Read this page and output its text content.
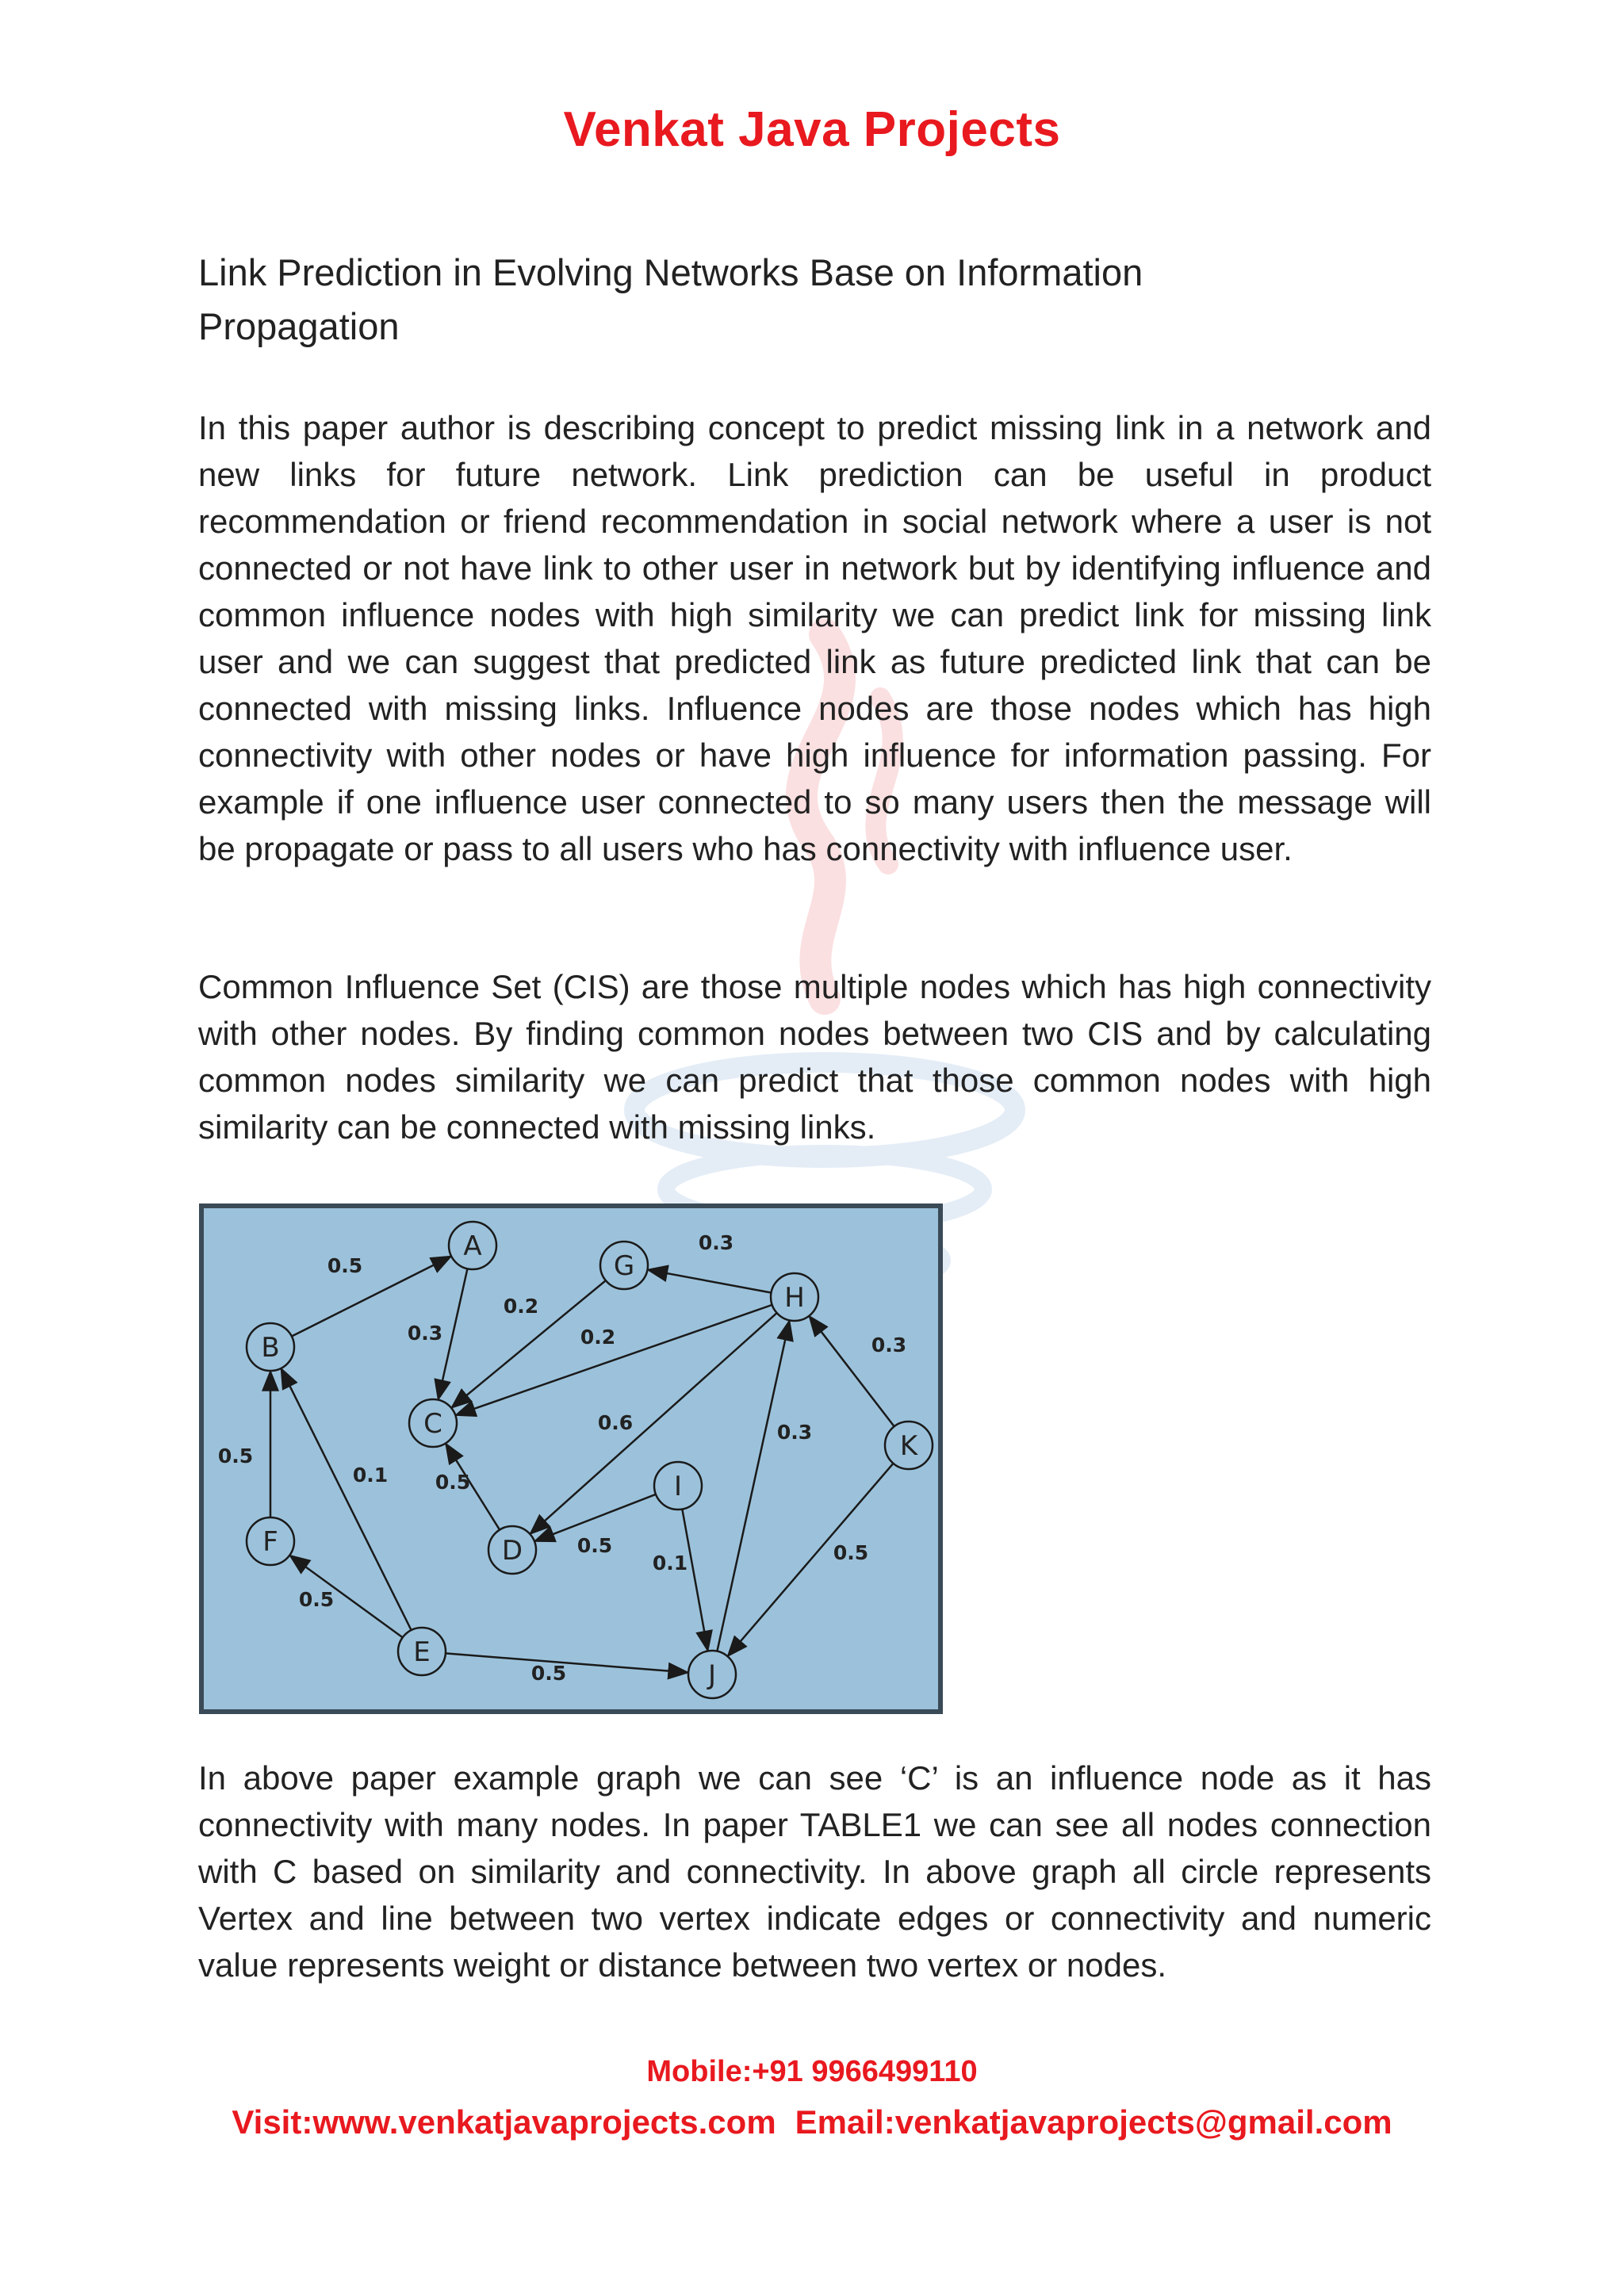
Venkat Java Projects
Link Prediction in Evolving Networks Base on Information Propagation

In this paper author is describing concept to predict missing link in a network and new links for future network. Link prediction can be useful in product recommendation or friend recommendation in social network where a user is not connected or not have link to other user in network but by identifying influence and common influence nodes with high similarity we can predict link for missing link user and we can suggest that predicted link as future predicted link that can be connected with missing links. Influence nodes are those nodes which has high connectivity with other nodes or have high influence for information passing. For example if one influence user connected to so many users then the message will be propagate or pass to all users who has connectivity with influence user.

Common Influence Set (CIS) are those multiple nodes which has high connectivity with other nodes. By finding common nodes between two CIS and by calculating common nodes similarity we can predict that those common nodes with high similarity can be connected with missing links.

0.5
0.3
0.2
0.2
0.3
0.6
0.5
0.5
0.1
0.3
0.3
0.5
0.5
0.1
0.5
0.5
A
B
C
D
E
F
G
H
I
J
K

In above paper example graph we can see ‘C’ is an influence node as it has connectivity with many nodes. In paper TABLE1 we can see all nodes connection with C based on similarity and connectivity. In above graph all circle represents Vertex and line between two vertex indicate edges or connectivity and numeric value represents weight or distance between two vertex or nodes.

Mobile:+91 9966499110
Visit:www.venkatjavaprojects.com Email:venkatjavaprojects@gmail.com
